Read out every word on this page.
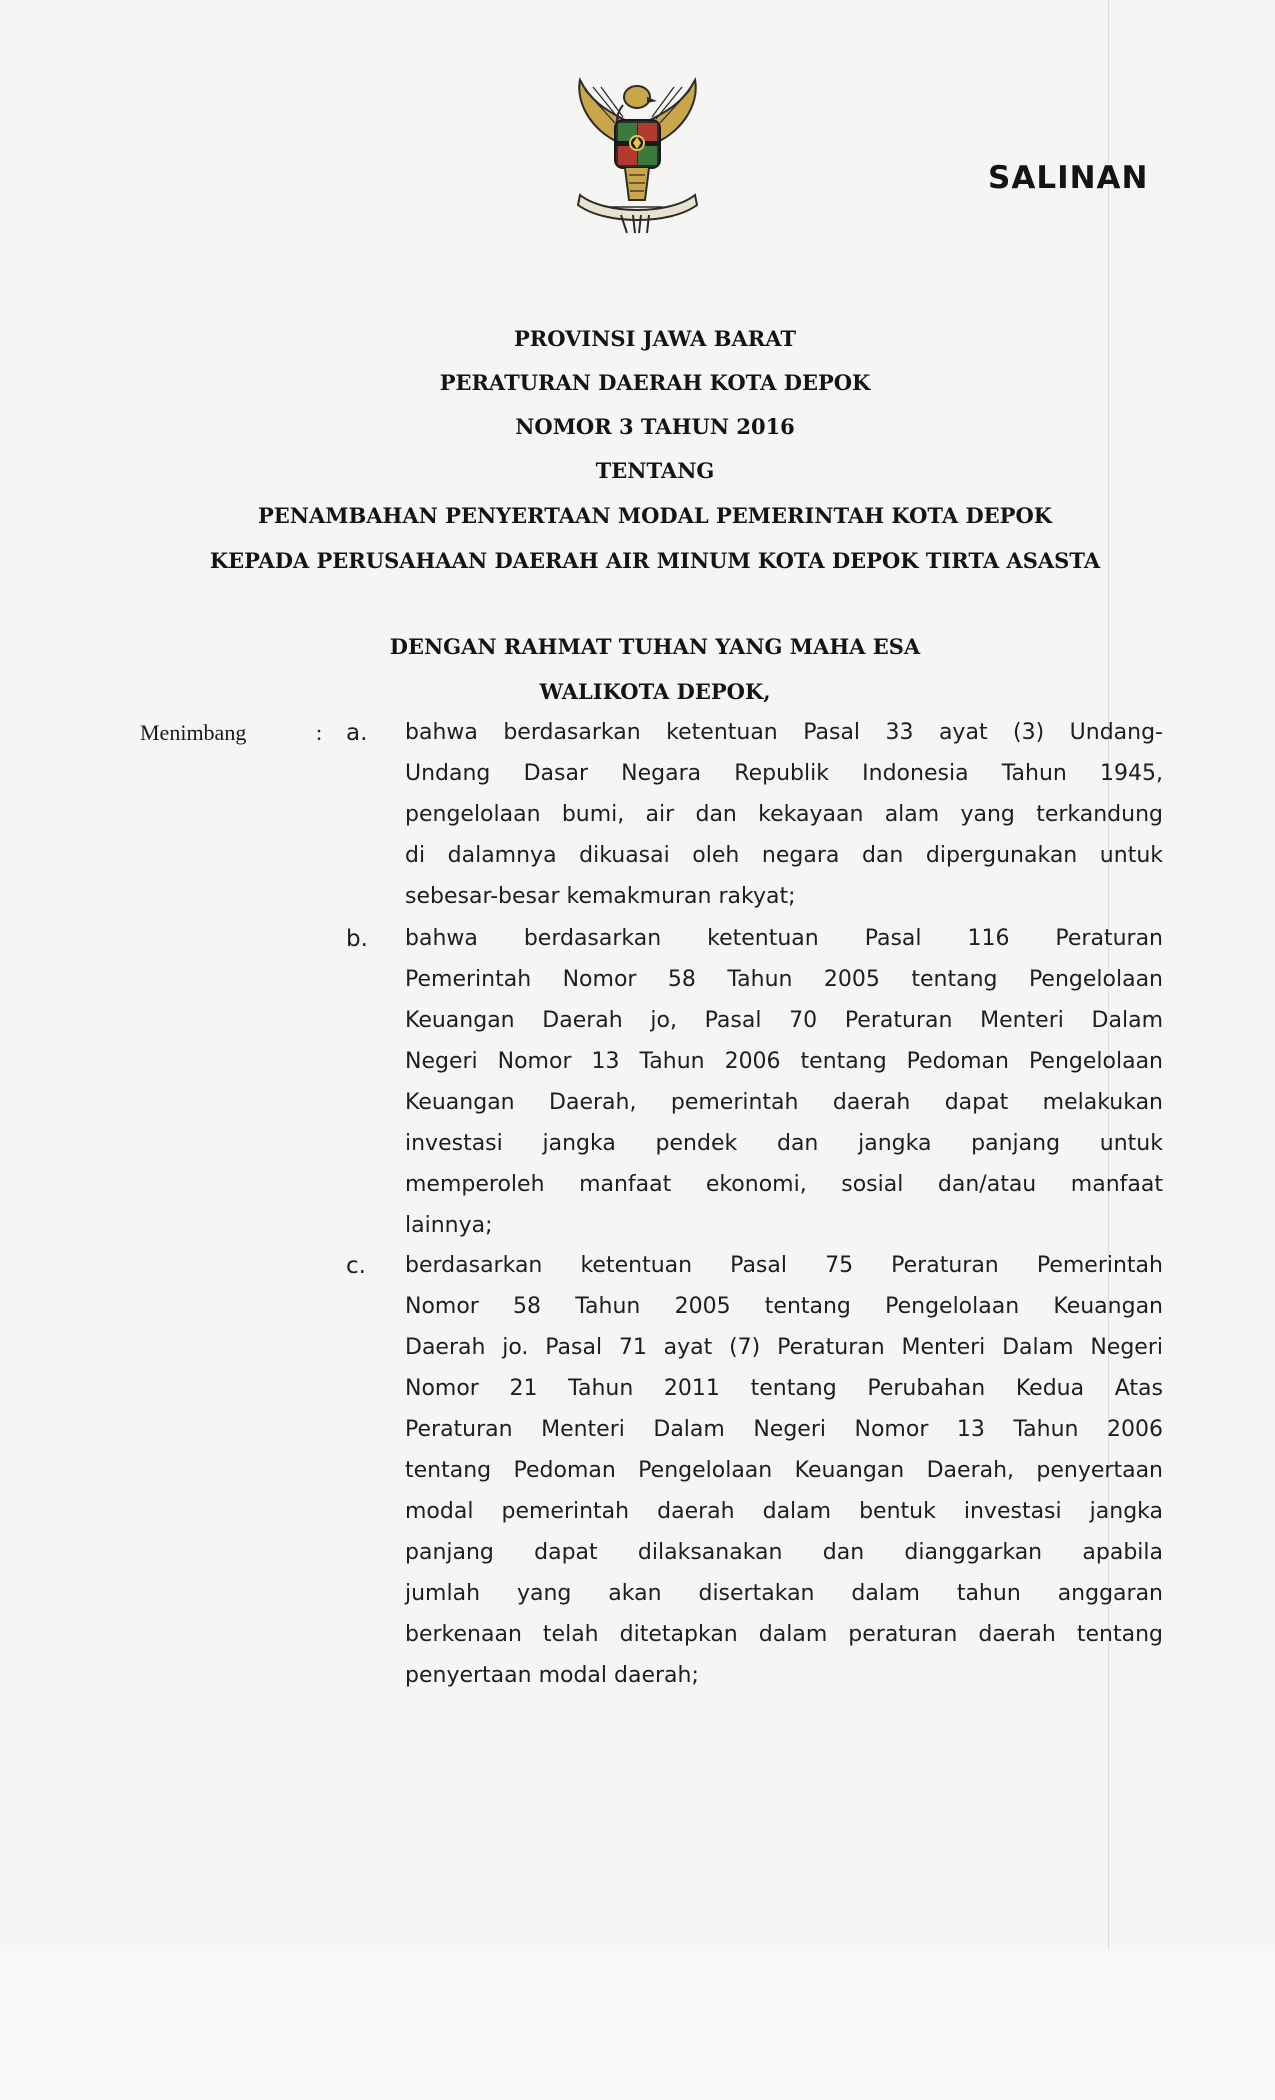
SALINAN
PROVINSI JAWA BARAT
PERATURAN DAERAH KOTA DEPOK
NOMOR 3 TAHUN 2016
TENTANG
PENAMBAHAN PENYERTAAN MODAL PEMERINTAH KOTA DEPOK
KEPADA PERUSAHAAN DAERAH AIR MINUM KOTA DEPOK TIRTA ASASTA
DENGAN RAHMAT TUHAN YANG MAHA ESA
WALIKOTA DEPOK,
Menimbang	: a. bahwa berdasarkan ketentuan Pasal 33 ayat (3) Undang-
Undang Dasar Negara Republik Indonesia Tahun 1945,
pengelolaan bumi, air dan kekayaan alam yang terkandung
di dalamnya dikuasai oleh negara dan dipergunakan untuk
sebesar-besar kemakmuran rakyat;
b. bahwa berdasarkan ketentuan Pasal 116 Peraturan
Pemerintah Nomor 58 Tahun 2005 tentang Pengelolaan
Keuangan Daerah jo, Pasal 70 Peraturan Menteri Dalam
Negeri Nomor 13 Tahun 2006 tentang Pedoman Pengelolaan
Keuangan Daerah, pemerintah daerah dapat melakukan
investasi jangka pendek dan jangka panjang untuk
memperoleh manfaat ekonomi, sosial dan/atau manfaat
lainnya;
c. berdasarkan ketentuan Pasal 75 Peraturan Pemerintah
Nomor 58 Tahun 2005 tentang Pengelolaan Keuangan
Daerah jo. Pasal 71 ayat (7) Peraturan Menteri Dalam Negeri
Nomor 21 Tahun 2011 tentang Perubahan Kedua Atas
Peraturan Menteri Dalam Negeri Nomor 13 Tahun 2006
tentang Pedoman Pengelolaan Keuangan Daerah, penyertaan
modal pemerintah daerah dalam bentuk investasi jangka
panjang dapat dilaksanakan dan dianggarkan apabila
jumlah yang akan disertakan dalam tahun anggaran
berkenaan telah ditetapkan dalam peraturan daerah tentang
penyertaan modal daerah;
